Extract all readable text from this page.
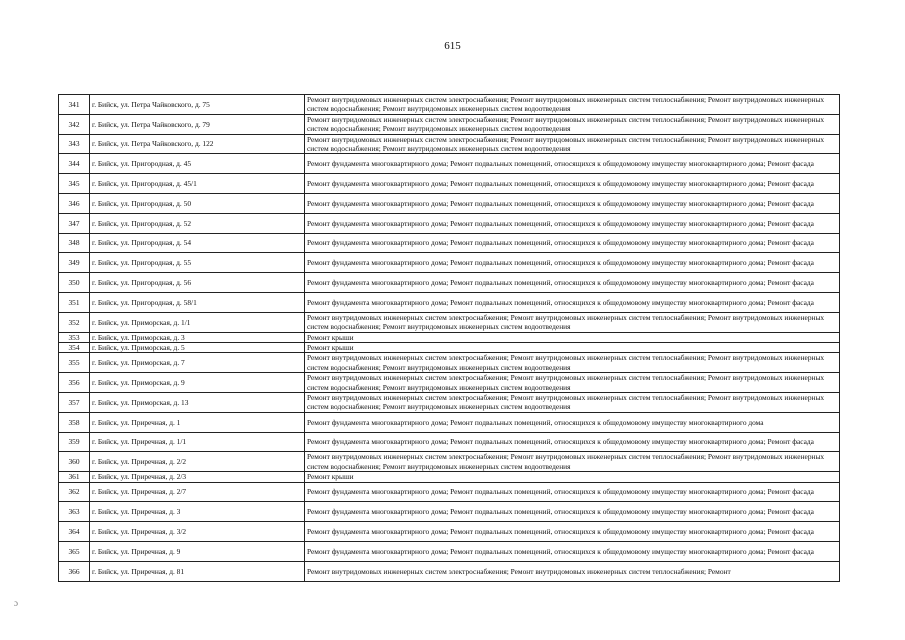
615
341	г. Бийск, ул. Петра Чайковского, д. 75	Ремонт внутридомовых инженерных систем электроснабжения; Ремонт внутридомовых инженерных систем теплоснабжения; Ремонт внутридомовых инженерных систем водоснабжения; Ремонт внутридомовых инженерных систем водоотведения
342	г. Бийск, ул. Петра Чайковского, д. 79	Ремонт внутридомовых инженерных систем электроснабжения; Ремонт внутридомовых инженерных систем теплоснабжения; Ремонт внутридомовых инженерных систем водоснабжения; Ремонт внутридомовых инженерных систем водоотведения
343	г. Бийск, ул. Петра Чайковского, д. 122	Ремонт внутридомовых инженерных систем электроснабжения; Ремонт внутридомовых инженерных систем теплоснабжения; Ремонт внутридомовых инженерных систем водоснабжения; Ремонт внутридомовых инженерных систем водоотведения
344	г. Бийск, ул. Пригородная, д. 45	Ремонт фундамента многоквартирного дома; Ремонт подвальных помещений, относящихся к общедомовому имуществу многоквартирного дома; Ремонт фасада
345	г. Бийск, ул. Пригородная, д. 45/1	Ремонт фундамента многоквартирного дома; Ремонт подвальных помещений, относящихся к общедомовому имуществу многоквартирного дома; Ремонт фасада
346	г. Бийск, ул. Пригородная, д. 50	Ремонт фундамента многоквартирного дома; Ремонт подвальных помещений, относящихся к общедомовому имуществу многоквартирного дома; Ремонт фасада
347	г. Бийск, ул. Пригородная, д. 52	Ремонт фундамента многоквартирного дома; Ремонт подвальных помещений, относящихся к общедомовому имуществу многоквартирного дома; Ремонт фасада
348	г. Бийск, ул. Пригородная, д. 54	Ремонт фундамента многоквартирного дома; Ремонт подвальных помещений, относящихся к общедомовому имуществу многоквартирного дома; Ремонт фасада
349	г. Бийск, ул. Пригородная, д. 55	Ремонт фундамента многоквартирного дома; Ремонт подвальных помещений, относящихся к общедомовому имуществу многоквартирного дома; Ремонт фасада
350	г. Бийск, ул. Пригородная, д. 56	Ремонт фундамента многоквартирного дома; Ремонт подвальных помещений, относящихся к общедомовому имуществу многоквартирного дома; Ремонт фасада
351	г. Бийск, ул. Пригородная, д. 58/1	Ремонт фундамента многоквартирного дома; Ремонт подвальных помещений, относящихся к общедомовому имуществу многоквартирного дома; Ремонт фасада
352	г. Бийск, ул. Приморская, д. 1/1	Ремонт внутридомовых инженерных систем электроснабжения; Ремонт внутридомовых инженерных систем теплоснабжения; Ремонт внутридомовых инженерных систем водоснабжения; Ремонт внутридомовых инженерных систем водоотведения
353	г. Бийск, ул. Приморская, д. 3	Ремонт крыши
354	г. Бийск, ул. Приморская, д. 5	Ремонт крыши
355	г. Бийск, ул. Приморская, д. 7	Ремонт внутридомовых инженерных систем электроснабжения; Ремонт внутридомовых инженерных систем теплоснабжения; Ремонт внутридомовых инженерных систем водоснабжения; Ремонт внутридомовых инженерных систем водоотведения
356	г. Бийск, ул. Приморская, д. 9	Ремонт внутридомовых инженерных систем электроснабжения; Ремонт внутридомовых инженерных систем теплоснабжения; Ремонт внутридомовых инженерных систем водоснабжения; Ремонт внутридомовых инженерных систем водоотведения
357	г. Бийск, ул. Приморская, д. 13	Ремонт внутридомовых инженерных систем электроснабжения; Ремонт внутридомовых инженерных систем теплоснабжения; Ремонт внутридомовых инженерных систем водоснабжения; Ремонт внутридомовых инженерных систем водоотведения
358	г. Бийск, ул. Приречная, д. 1	Ремонт фундамента многоквартирного дома; Ремонт подвальных помещений, относящихся к общедомовому имуществу многоквартирного дома
359	г. Бийск, ул. Приречная, д. 1/1	Ремонт фундамента многоквартирного дома; Ремонт подвальных помещений, относящихся к общедомовому имуществу многоквартирного дома; Ремонт фасада
360	г. Бийск, ул. Приречная, д. 2/2	Ремонт внутридомовых инженерных систем электроснабжения; Ремонт внутридомовых инженерных систем теплоснабжения; Ремонт внутридомовых инженерных систем водоснабжения; Ремонт внутридомовых инженерных систем водоотведения
361	г. Бийск, ул. Приречная, д. 2/3	Ремонт крыши
362	г. Бийск, ул. Приречная, д. 2/7	Ремонт фундамента многоквартирного дома; Ремонт подвальных помещений, относящихся к общедомовому имуществу многоквартирного дома; Ремонт фасада
363	г. Бийск, ул. Приречная, д. 3	Ремонт фундамента многоквартирного дома; Ремонт подвальных помещений, относящихся к общедомовому имуществу многоквартирного дома; Ремонт фасада
364	г. Бийск, ул. Приречная, д. 3/2	Ремонт фундамента многоквартирного дома; Ремонт подвальных помещений, относящихся к общедомовому имуществу многоквартирного дома; Ремонт фасада
365	г. Бийск, ул. Приречная, д. 9	Ремонт фундамента многоквартирного дома; Ремонт подвальных помещений, относящихся к общедомовому имуществу многоквартирного дома; Ремонт фасада
366	г. Бийск, ул. Приречная, д. 81	Ремонт внутридомовых инженерных систем электроснабжения; Ремонт внутридомовых инженерных систем теплоснабжения; Ремонт
ɔ
